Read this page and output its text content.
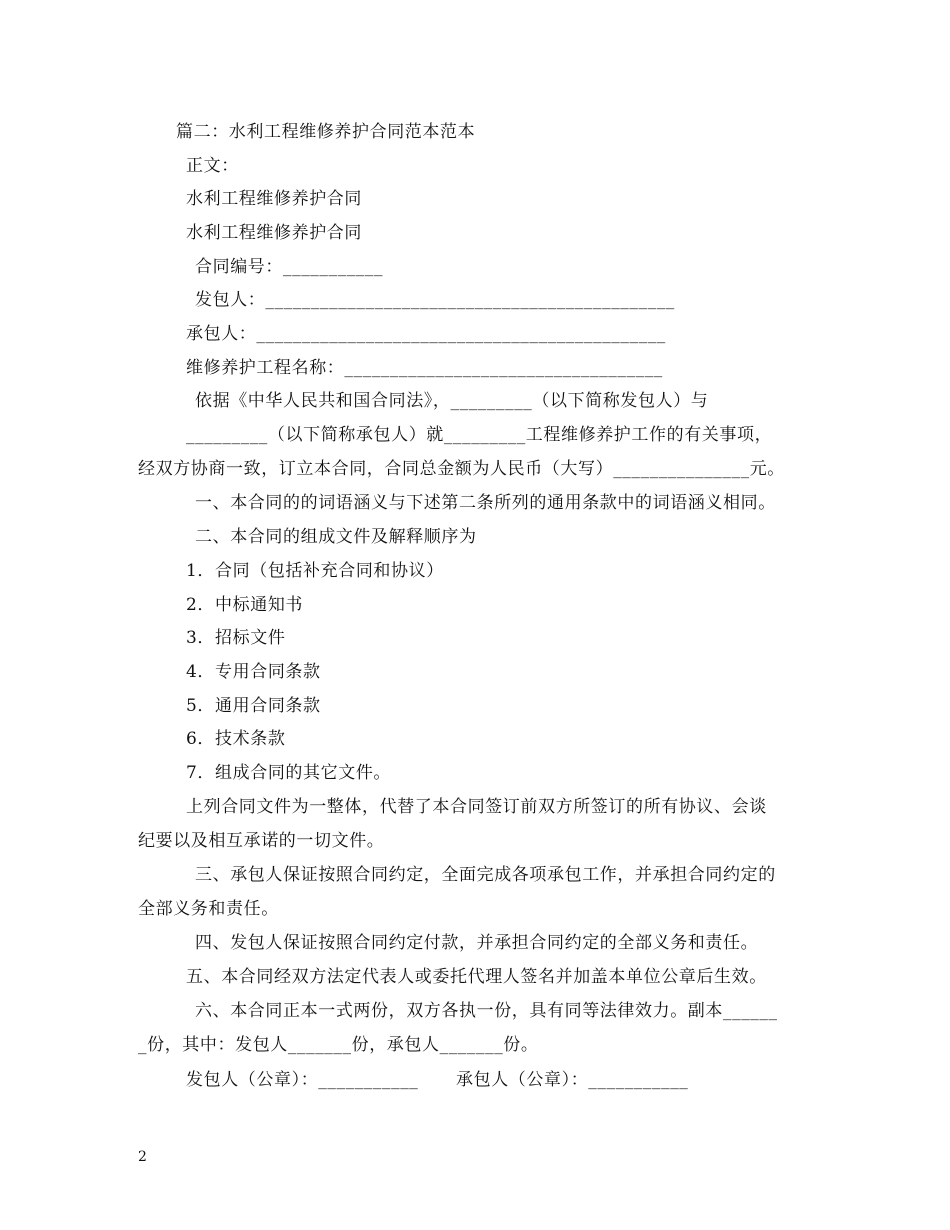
篇二：水利工程维修养护合同范本范本
正文：
水利工程维修养护合同
水利工程维修养护合同
合同编号：___________
发包人：_____________________________________________
承包人：_____________________________________________
维修养护工程名称：___________________________________
依据《中华人民共和国合同法》，_________（以下简称发包人）与
_________（以下简称承包人）就_________工程维修养护工作的有关事项，
经双方协商一致，订立本合同，合同总金额为人民币（大写）_______________元。
一、本合同的的词语涵义与下述第二条所列的通用条款中的词语涵义相同。
二、本合同的组成文件及解释顺序为
1．合同（包括补充合同和协议）
2．中标通知书
3．招标文件
4．专用合同条款
5．通用合同条款
6．技术条款
7．组成合同的其它文件。
上列合同文件为一整体，代替了本合同签订前双方所签订的所有协议、会谈
纪要以及相互承诺的一切文件。
三、承包人保证按照合同约定，全面完成各项承包工作，并承担合同约定的
全部义务和责任。
四、发包人保证按照合同约定付款，并承担合同约定的全部义务和责任。
五、本合同经双方法定代表人或委托代理人签名并加盖本单位公章后生效。
六、本合同正本一式两份，双方各执一份，具有同等法律效力。副本______
_份，其中：发包人_______份，承包人_______份。
发包人（公章）：___________ 承包人（公章）：___________
2
